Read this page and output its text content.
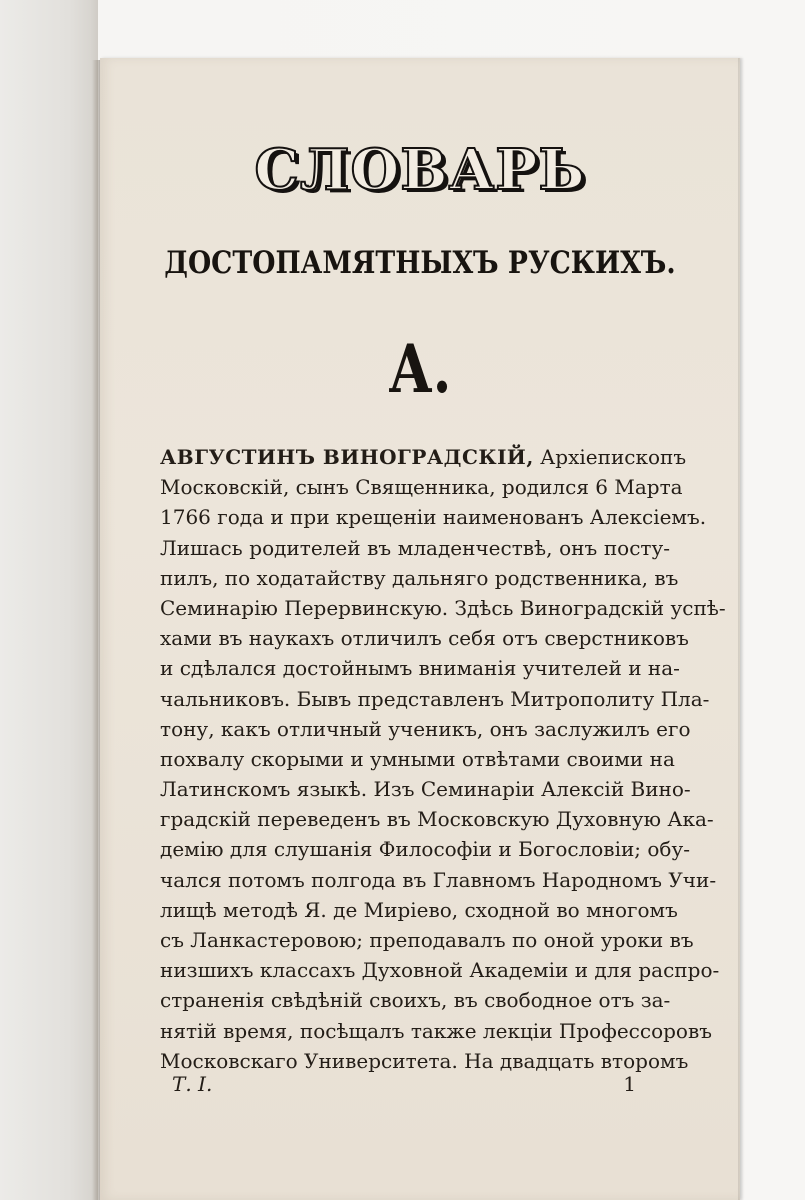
СЛОВАРЬ
ДОСТОПАМЯТНЫХЪ РУСКИХЪ.
А.
АВГУСТИНЪ ВИНОГРАДСКІЙ, Архіепископъ
Московскій, сынъ Священника, родился 6 Марта
1766 года и при крещеніи наименованъ Алексіемъ.
Лишась родителей въ младенчествѣ, онъ посту-
пилъ, по ходатайству дальняго родственника, въ
Семинарію Перервинскую. Здѣсь Виноградскій успѣ-
хами въ наукахъ отличилъ себя отъ сверстниковъ
и сдѣлался достойнымъ вниманія учителей и на-
чальниковъ. Бывъ представленъ Митрополиту Пла-
тону, какъ отличный ученикъ, онъ заслужилъ его
похвалу скорыми и умными отвѣтами своими на
Латинскомъ языкѣ. Изъ Семинаріи Алексій Вино-
градскій переведенъ въ Московскую Духовную Ака-
демію для слушанія Философіи и Богословіи; обу-
чался потомъ полгода въ Главномъ Народномъ Учи-
лищѣ методѣ Я. де Миріево, сходной во многомъ
съ Ланкастеровою; преподавалъ по оной уроки въ
низшихъ классахъ Духовной Академіи и для распро-
страненія свѣдѣній своихъ, въ свободное отъ за-
нятій время, посѣщалъ также лекціи Профессоровъ
Московскаго Университета. На двадцать второмъ
Т. І.	1
